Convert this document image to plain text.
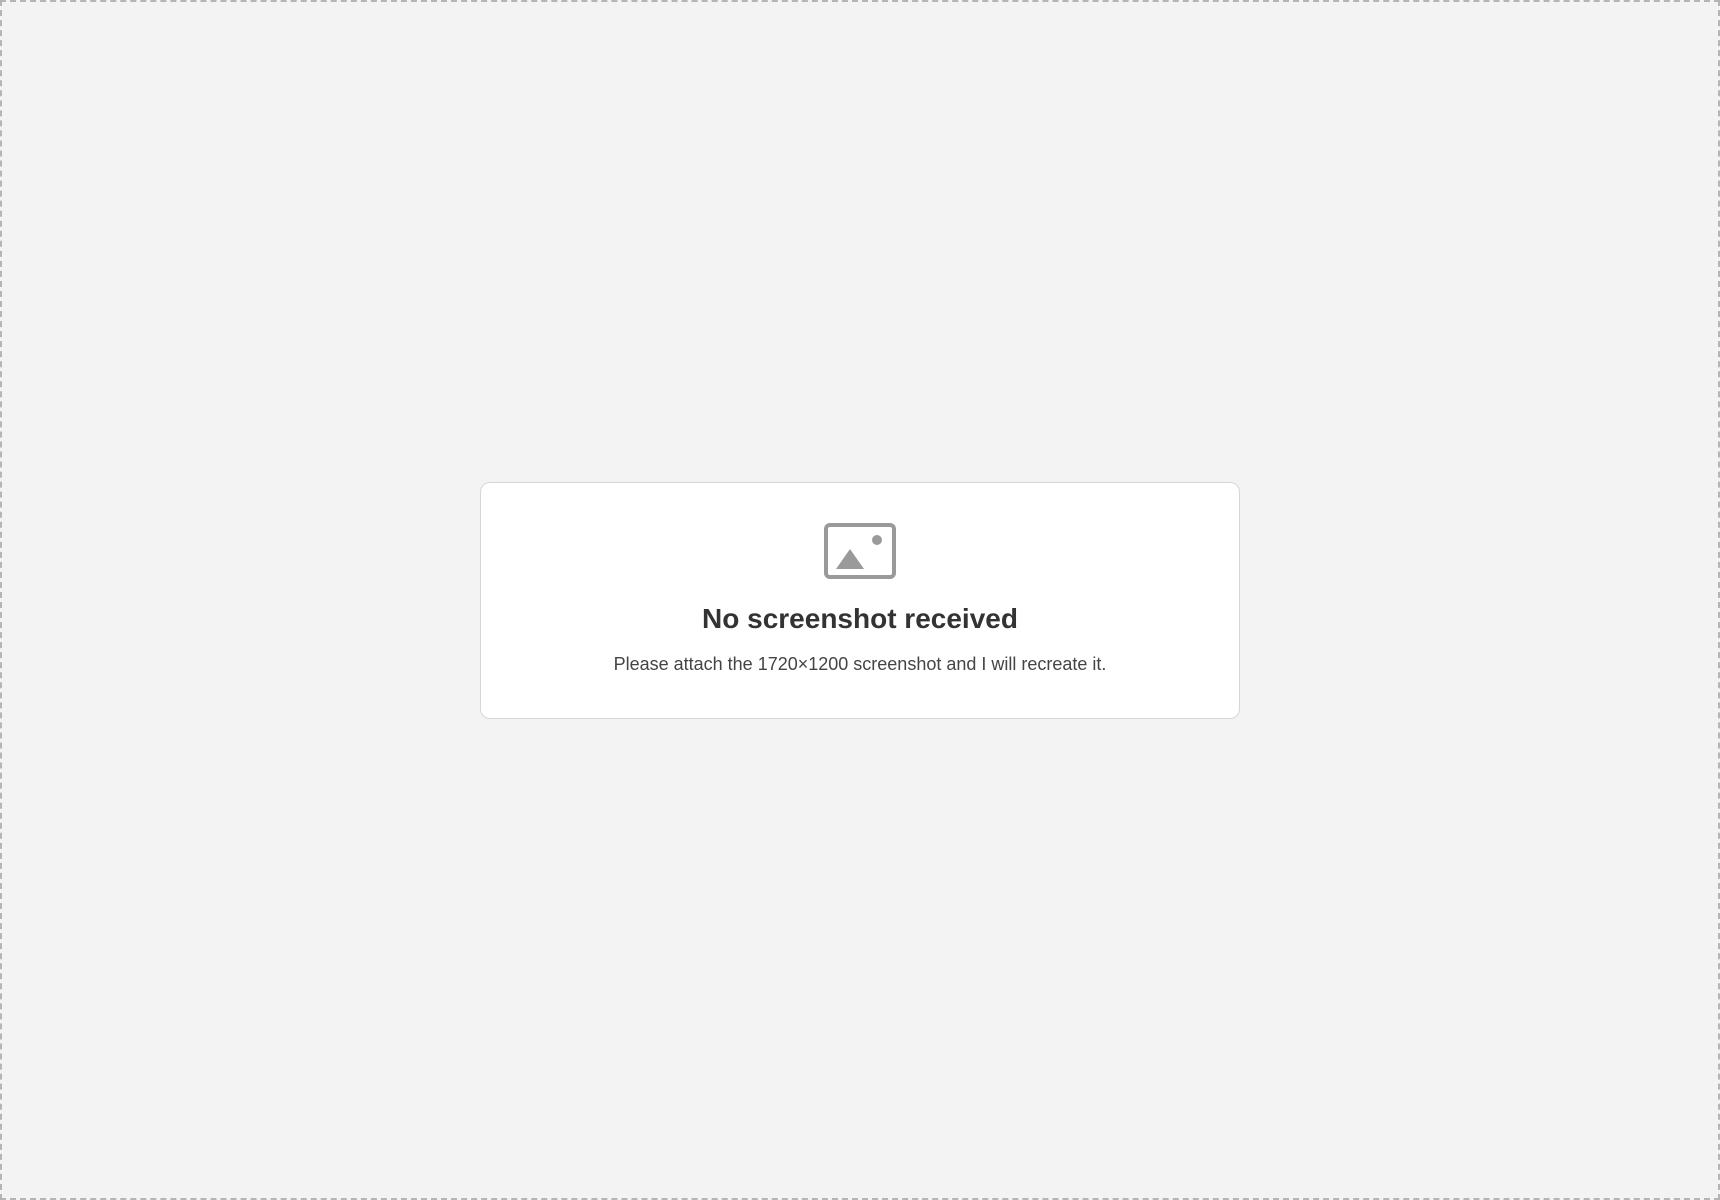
No screenshot received

Please attach the 1720×1200 screenshot and I will recreate it.
